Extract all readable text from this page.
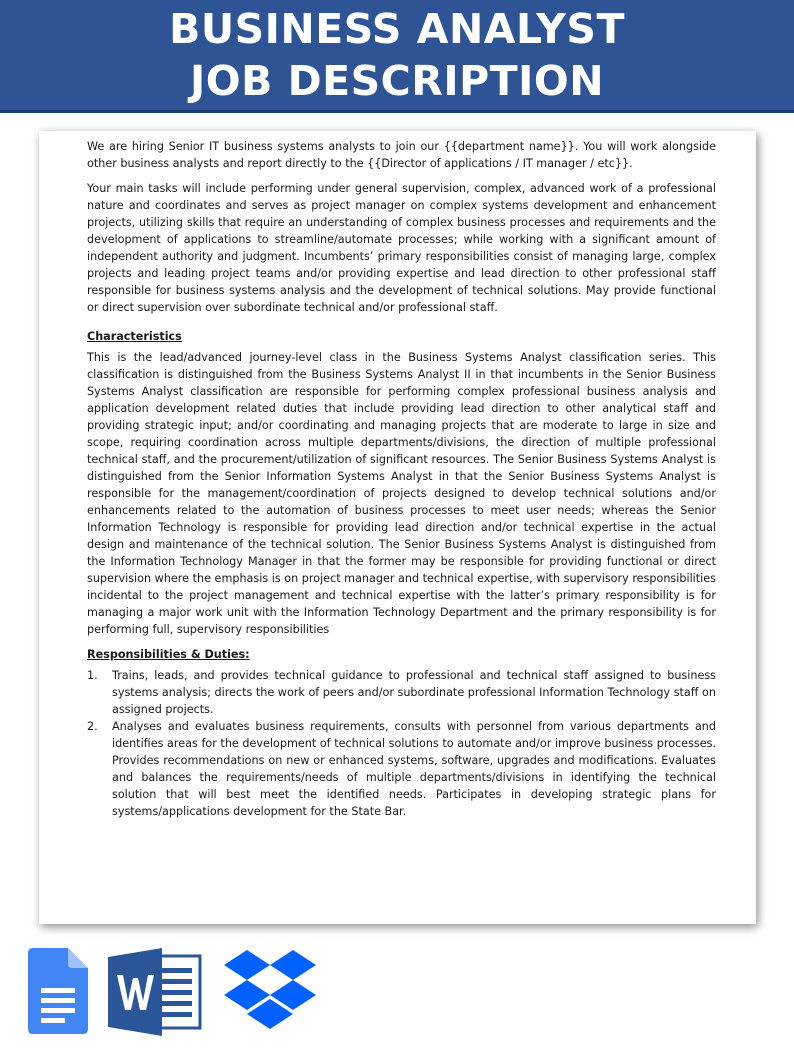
BUSINESS ANALYST
JOB DESCRIPTION

We are hiring Senior IT business systems analysts to join our {{department name}}. You will work alongside other business analysts and report directly to the {{Director of applications / IT manager / etc}}.

Your main tasks will include performing under general supervision, complex, advanced work of a professional nature and coordinates and serves as project manager on complex systems development and enhancement projects, utilizing skills that require an understanding of complex business processes and requirements and the development of applications to streamline/automate processes; while working with a significant amount of independent authority and judgment. Incumbents’ primary responsibilities consist of managing large, complex projects and leading project teams and/or providing expertise and lead direction to other professional staff responsible for business systems analysis and the development of technical solutions. May provide functional or direct supervision over subordinate technical and/or professional staff.

Characteristics

This is the lead/advanced journey-level class in the Business Systems Analyst classification series. This classification is distinguished from the Business Systems Analyst II in that incumbents in the Senior Business Systems Analyst classification are responsible for performing complex professional business analysis and application development related duties that include providing lead direction to other analytical staff and providing strategic input; and/or coordinating and managing projects that are moderate to large in size and scope, requiring coordination across multiple departments/divisions, the direction of multiple professional technical staff, and the procurement/utilization of significant resources. The Senior Business Systems Analyst is distinguished from the Senior Information Systems Analyst in that the Senior Business Systems Analyst is responsible for the management/coordination of projects designed to develop technical solutions and/or enhancements related to the automation of business processes to meet user needs; whereas the Senior Information Technology is responsible for providing lead direction and/or technical expertise in the actual design and maintenance of the technical solution. The Senior Business Systems Analyst is distinguished from the Information Technology Manager in that the former may be responsible for providing functional or direct supervision where the emphasis is on project manager and technical expertise, with supervisory responsibilities incidental to the project management and technical expertise with the latter’s primary responsibility is for managing a major work unit with the Information Technology Department and the primary responsibility is for performing full, supervisory responsibilities

Responsibilities & Duties:
1. Trains, leads, and provides technical guidance to professional and technical staff assigned to business systems analysis; directs the work of peers and/or subordinate professional Information Technology staff on assigned projects.
2. Analyses and evaluates business requirements, consults with personnel from various departments and identifies areas for the development of technical solutions to automate and/or improve business processes. Provides recommendations on new or enhanced systems, software, upgrades and modifications. Evaluates and balances the requirements/needs of multiple departments/divisions in identifying the technical solution that will best meet the identified needs. Participates in developing strategic plans for systems/applications development for the State Bar.
